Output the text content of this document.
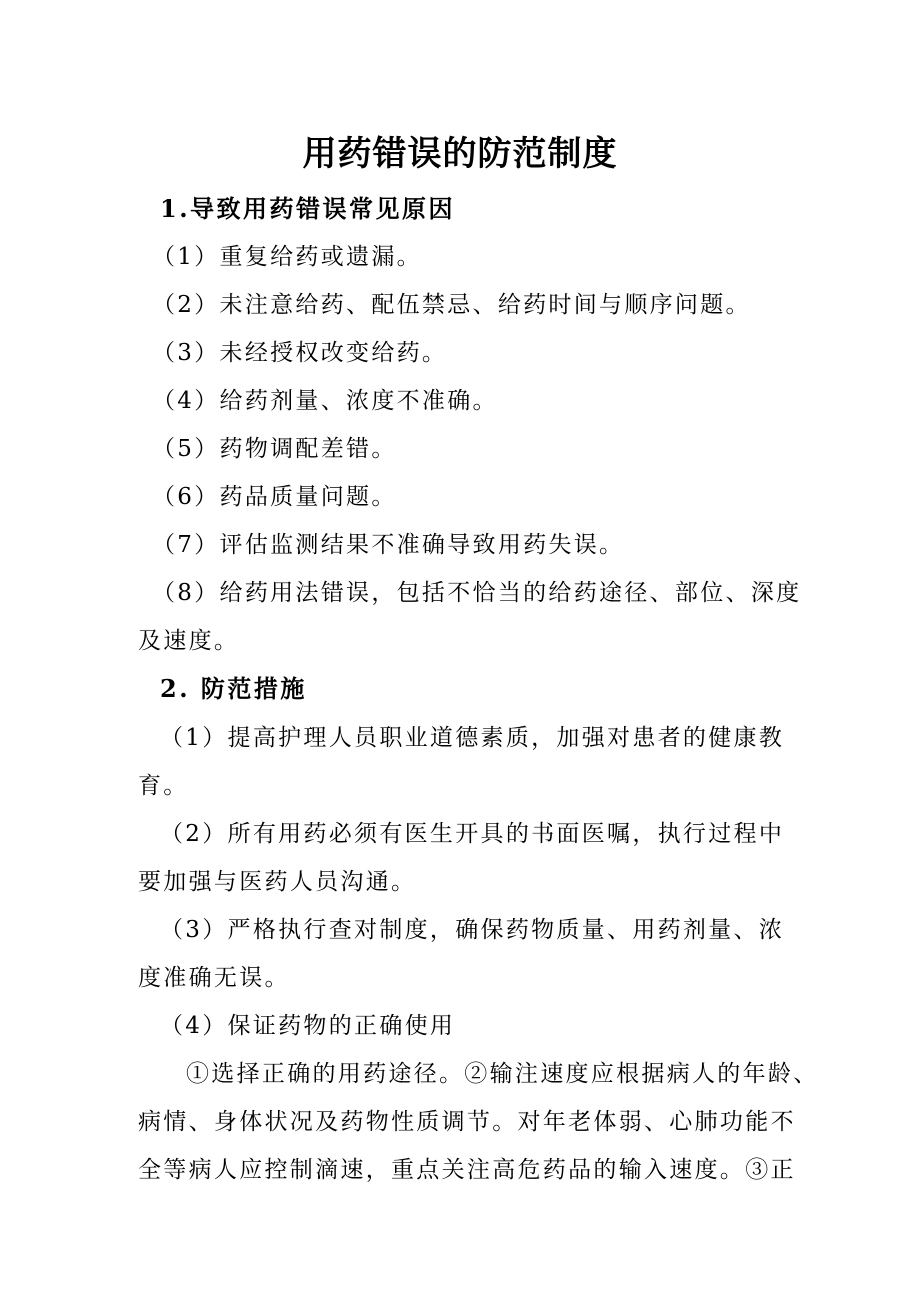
用药错误的防范制度
1.导致用药错误常见原因
（1）重复给药或遗漏。
（2）未注意给药、配伍禁忌、给药时间与顺序问题。
（3）未经授权改变给药。
（4）给药剂量、浓度不准确。
（5）药物调配差错。
（6）药品质量问题。
（7）评估监测结果不准确导致用药失误。
（8）给药用法错误，包括不恰当的给药途径、部位、深度
及速度。
2. 防范措施
（1）提高护理人员职业道德素质，加强对患者的健康教
育。
（2）所有用药必须有医生开具的书面医嘱，执行过程中
要加强与医药人员沟通。
（3）严格执行查对制度，确保药物质量、用药剂量、浓
度准确无误。
（4）保证药物的正确使用
①选择正确的用药途径。②输注速度应根据病人的年龄、
病情、身体状况及药物性质调节。对年老体弱、心肺功能不
全等病人应控制滴速，重点关注高危药品的输入速度。③正
